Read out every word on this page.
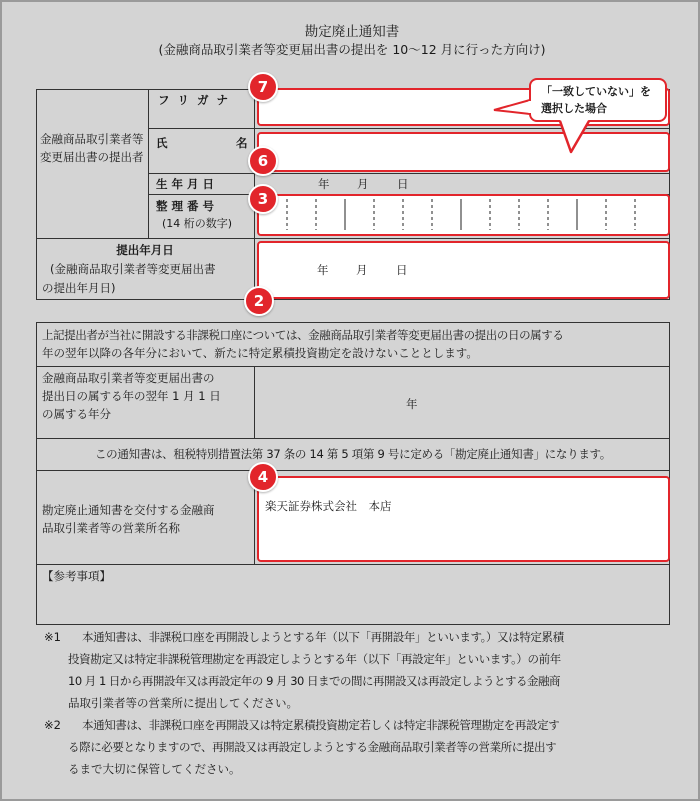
勘定廃止通知書
(金融商品取引業者等変更届出書の提出を 10～12 月に行った方向け)
金融商品取引業者等変更届出書の提出者
フ リ ガ ナ
氏	名
生 年 月 日	年 月 日
整 理 番 号
(14 桁の数字)
提出年月日
(金融商品取引業者等変更届出書
の提出年月日)
年 月 日
上記提出者が当社に開設する非課税口座については、金融商品取引業者等変更届出書の提出の日の属する
年の翌年以降の各年分において、新たに特定累積投資勘定を設けないこととします。
金融商品取引業者等変更届出書の
提出日の属する年の翌年 1 月 1 日
の属する年分
年
この通知書は、租税特別措置法第 37 条の 14 第 5 項第 9 号に定める「勘定廃止通知書」になります。
勘定廃止通知書を交付する金融商
品取引業者等の営業所名称
楽天証券株式会社　本店
【参考事項】
※1 本通知書は、非課税口座を再開設しようとする年（以下「再開設年」といいます。）又は特定累積
投資勘定又は特定非課税管理勘定を再設定しようとする年（以下「再設定年」といいます。）の前年
10 月 1 日から再開設年又は再設定年の 9 月 30 日までの間に再開設又は再設定しようとする金融商
品取引業者等の営業所に提出してください。
※2 本通知書は、非課税口座を再開設又は特定累積投資勘定若しくは特定非課税管理勘定を再設定す
る際に必要となりますので、再開設又は再設定しようとする金融商品取引業者等の営業所に提出す
るまで大切に保管してください。
「一致していない」を
選択した場合
7
6
3
2
4
